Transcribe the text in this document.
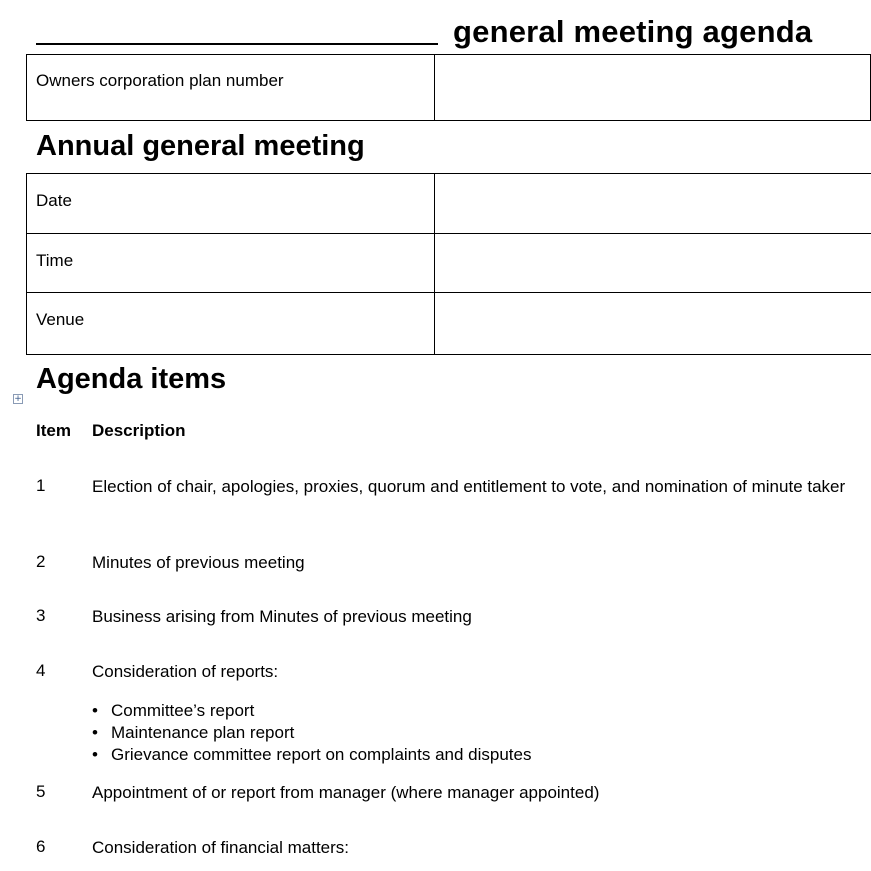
general meeting agenda
Owners corporation plan number	
Annual general meeting
Date	
Time	
Venue	
Agenda items
+
Item	Description
1	Election of chair, apologies, proxies, quorum and entitlement to vote, and nomination of minute taker
2	Minutes of previous meeting
3	Business arising from Minutes of previous meeting
4	Consideration of reports:
• Committee’s report
• Maintenance plan report
• Grievance committee report on complaints and disputes
5	Appointment of or report from manager (where manager appointed)
6	Consideration of financial matters:
